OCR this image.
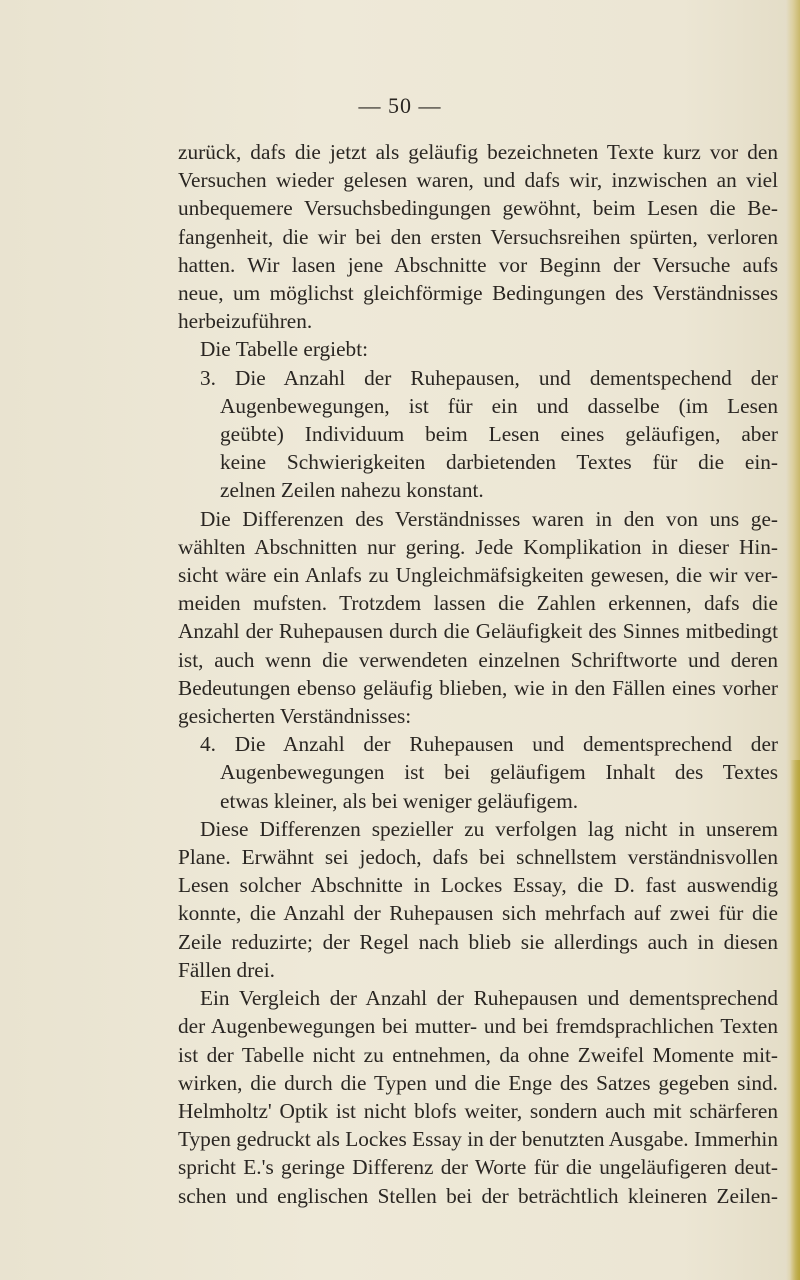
— 50 —
zurück, dafs die jetzt als geläufig bezeichneten Texte kurz vor den
Versuchen wieder gelesen waren, und dafs wir, inzwischen an viel
unbequemere Versuchsbedingungen gewöhnt, beim Lesen die Be-
fangenheit, die wir bei den ersten Versuchsreihen spürten, verloren
hatten. Wir lasen jene Abschnitte vor Beginn der Versuche aufs
neue, um möglichst gleichförmige Bedingungen des Verständnisses
herbeizuführen.
Die Tabelle ergiebt:
3. Die Anzahl der Ruhepausen, und dementspechend der
Augenbewegungen, ist für ein und dasselbe (im Lesen
geübte) Individuum beim Lesen eines geläufigen, aber
keine Schwierigkeiten darbietenden Textes für die ein-
zelnen Zeilen nahezu konstant.
Die Differenzen des Verständnisses waren in den von uns ge-
wählten Abschnitten nur gering. Jede Komplikation in dieser Hin-
sicht wäre ein Anlafs zu Ungleichmäfsigkeiten gewesen, die wir ver-
meiden mufsten. Trotzdem lassen die Zahlen erkennen, dafs die
Anzahl der Ruhepausen durch die Geläufigkeit des Sinnes mitbedingt
ist, auch wenn die verwendeten einzelnen Schriftworte und deren
Bedeutungen ebenso geläufig blieben, wie in den Fällen eines vorher
gesicherten Verständnisses:
4. Die Anzahl der Ruhepausen und dementsprechend der
Augenbewegungen ist bei geläufigem Inhalt des Textes
etwas kleiner, als bei weniger geläufigem.
Diese Differenzen spezieller zu verfolgen lag nicht in unserem
Plane. Erwähnt sei jedoch, dafs bei schnellstem verständnisvollen
Lesen solcher Abschnitte in Lockes Essay, die D. fast auswendig
konnte, die Anzahl der Ruhepausen sich mehrfach auf zwei für die
Zeile reduzirte; der Regel nach blieb sie allerdings auch in diesen
Fällen drei.
Ein Vergleich der Anzahl der Ruhepausen und dementsprechend
der Augenbewegungen bei mutter- und bei fremdsprachlichen Texten
ist der Tabelle nicht zu entnehmen, da ohne Zweifel Momente mit-
wirken, die durch die Typen und die Enge des Satzes gegeben sind.
Helmholtz' Optik ist nicht blofs weiter, sondern auch mit schärferen
Typen gedruckt als Lockes Essay in der benutzten Ausgabe. Immerhin
spricht E.'s geringe Differenz der Worte für die ungeläufigeren deut-
schen und englischen Stellen bei der beträchtlich kleineren Zeilen-
